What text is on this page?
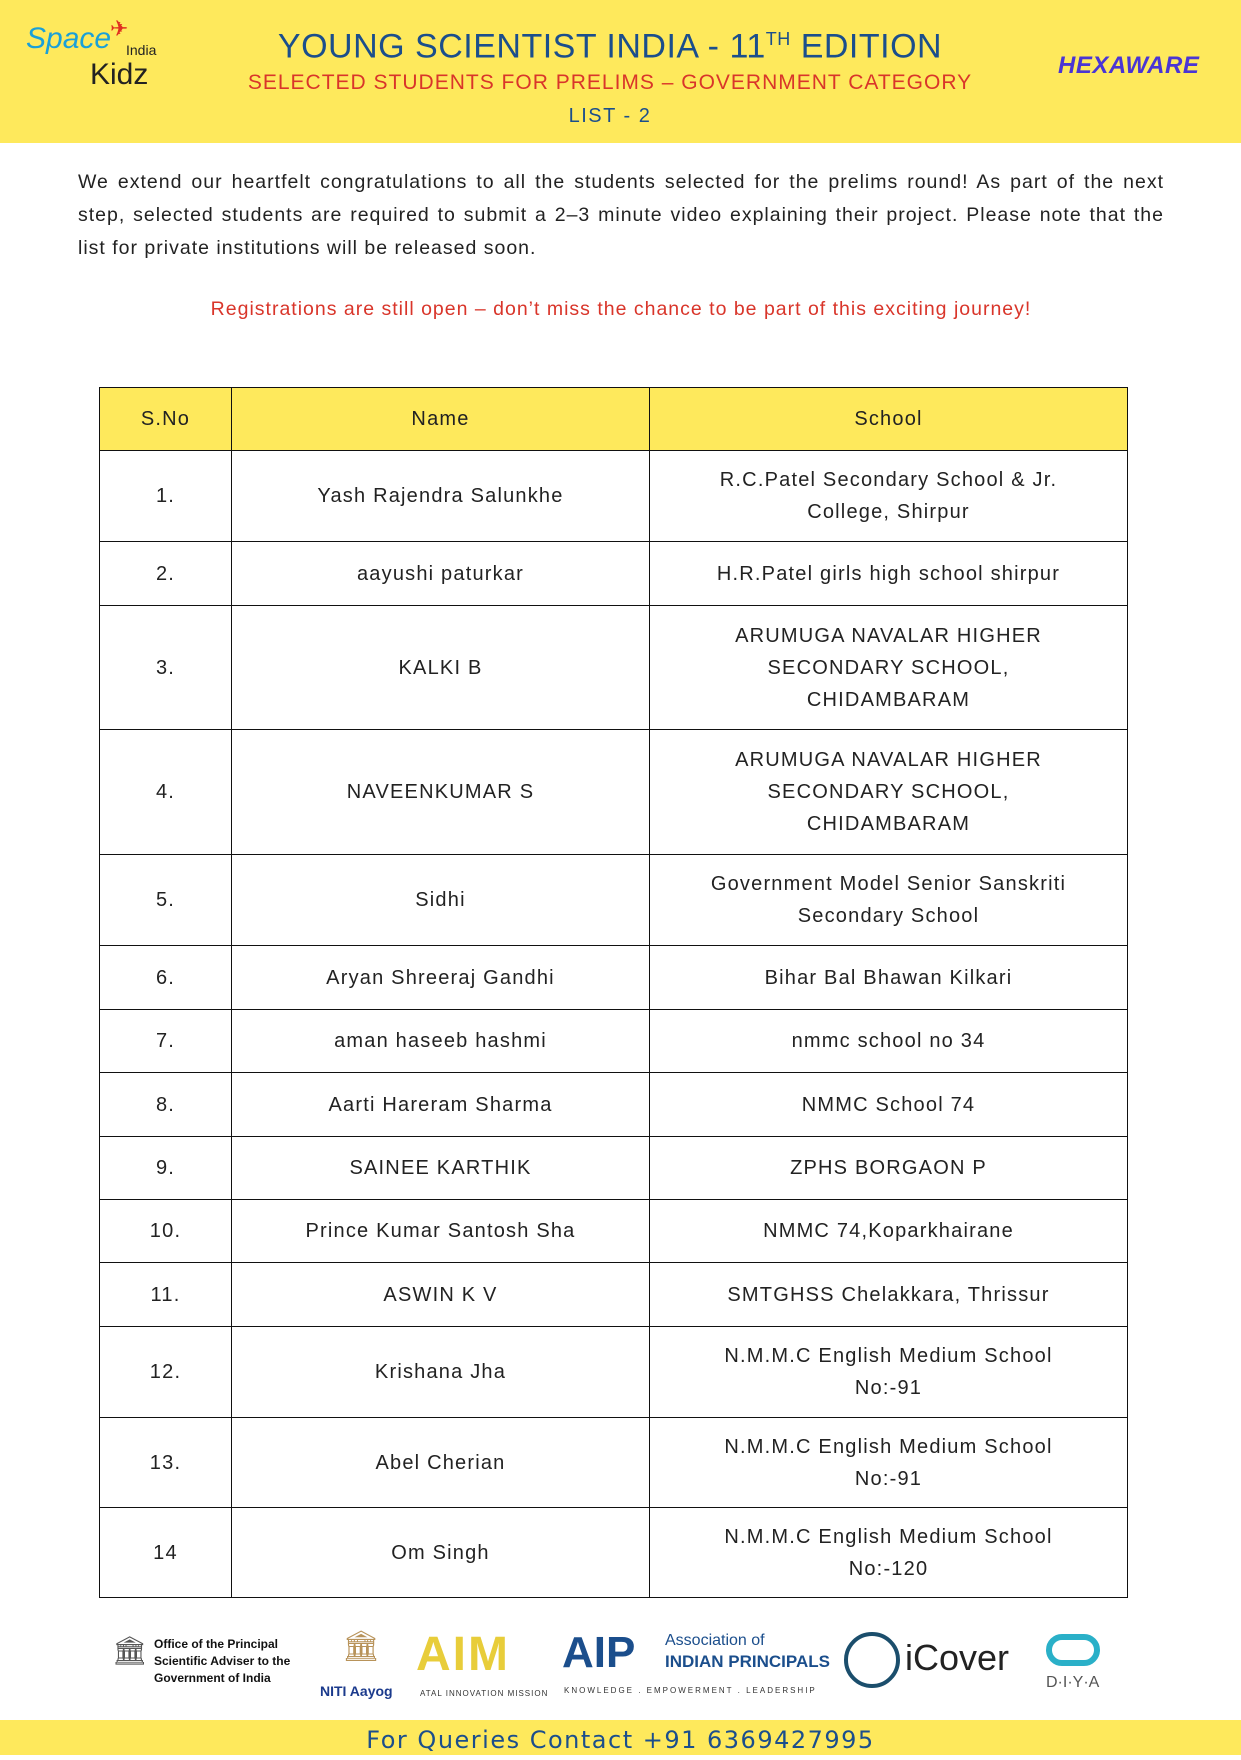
Space
Kidz
India
✈	YOUNG SCIENTIST INDIA - 11TH EDITION
SELECTED STUDENTS FOR PRELIMS – GOVERNMENT CATEGORY
LIST - 2
HEXAWARE

We extend our heartfelt congratulations to all the students selected for the prelims round! As part of the next step, selected students are required to submit a 2–3 minute video explaining their project. Please note that the list for private institutions will be released soon.

Registrations are still open – don’t miss the chance to be part of this exciting journey!

S.No	Name	School
1.	Yash Rajendra Salunkhe	R.C.Patel Secondary School & Jr. College, Shirpur
2.	aayushi paturkar	H.R.Patel girls high school shirpur
3.	KALKI B	ARUMUGA NAVALAR HIGHER SECONDARY SCHOOL, CHIDAMBARAM
4.	NAVEENKUMAR S	ARUMUGA NAVALAR HIGHER SECONDARY SCHOOL, CHIDAMBARAM
5.	Sidhi	Government Model Senior Sanskriti Secondary School
6.	Aryan Shreeraj Gandhi	Bihar Bal Bhawan Kilkari
7.	aman haseeb hashmi	nmmc school no 34
8.	Aarti Hareram Sharma	NMMC School 74
9.	SAINEE KARTHIK	ZPHS BORGAON P
10.	Prince Kumar Santosh Sha	NMMC 74,Koparkhairane
11.	ASWIN K V	SMTGHSS Chelakkara, Thrissur
12.	Krishana Jha	N.M.M.C English Medium School No:-91
13.	Abel Cherian	N.M.M.C English Medium School No:-91
14	Om Singh	N.M.M.C English Medium School No:-120
🏛 Office of the Principal Scientific Adviser to the Government of India
🏛
NITI Aayog
AIM
ATAL INNOVATION MISSION
AIP Association of
INDIAN PRINCIPALS
KNOWLEDGE . EMPOWERMENT . LEADERSHIP
iCover
D·I·Y·A
For Queries Contact +91 6369427995
